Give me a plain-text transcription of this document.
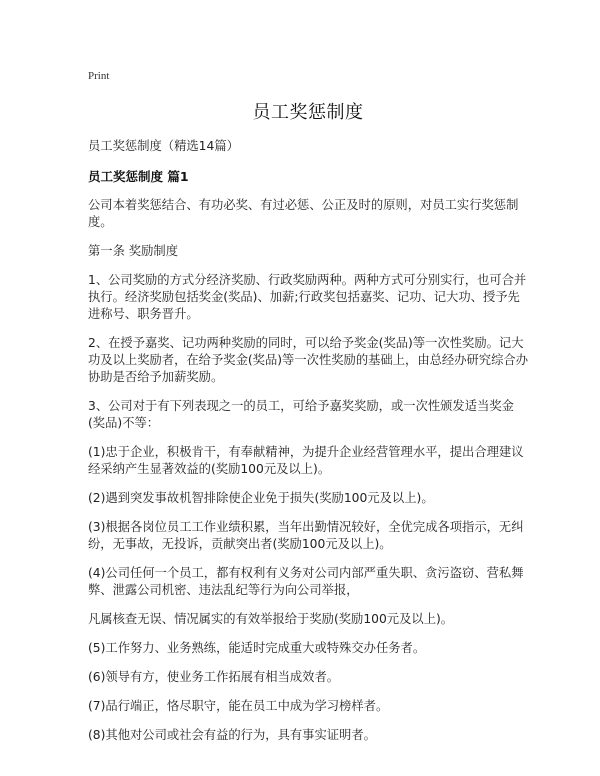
Print
员工奖惩制度

员工奖惩制度（精选14篇）

员工奖惩制度 篇1

公司本着奖惩结合、有功必奖、有过必惩、公正及时的原则，对员工实行奖惩制度。

第一条 奖励制度

1、公司奖励的方式分经济奖励、行政奖励两种。两种方式可分别实行，也可合并执行。经济奖励包括奖金(奖品)、加薪;行政奖包括嘉奖、记功、记大功、授予先进称号、职务晋升。

2、在授予嘉奖、记功两种奖励的同时，可以给予奖金(奖品)等一次性奖励。记大功及以上奖励者，在给予奖金(奖品)等一次性奖励的基础上，由总经办研究综合办协助是否给予加薪奖励。

3、公司对于有下列表现之一的员工，可给予嘉奖奖励，或一次性颁发适当奖金(奖品)不等：

(1)忠于企业，积极肯干，有奉献精神，为提升企业经营管理水平，提出合理建议经采纳产生显著效益的(奖励100元及以上)。

(2)遇到突发事故机智排除使企业免于损失(奖励100元及以上)。

(3)根据各岗位员工工作业绩积累，当年出勤情况较好，全优完成各项指示，无纠纷，无事故，无投诉，贡献突出者(奖励100元及以上)。

(4)公司任何一个员工，都有权利有义务对公司内部严重失职、贪污盗窃、营私舞弊、泄露公司机密、违法乱纪等行为向公司举报，

凡属核查无误、情况属实的有效举报给于奖励(奖励100元及以上)。

(5)工作努力、业务熟练，能适时完成重大或特殊交办任务者。

(6)领导有方，使业务工作拓展有相当成效者。

(7)品行端正，恪尽职守，能在员工中成为学习榜样者。

(8)其他对公司或社会有益的行为，具有事实证明者。
